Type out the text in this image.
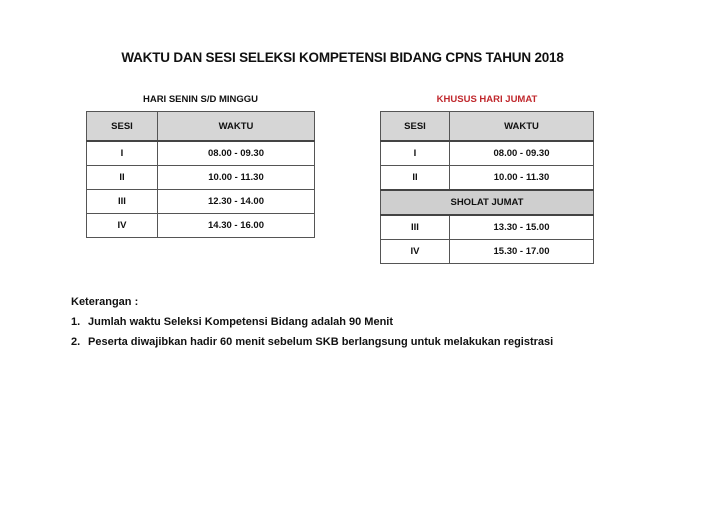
WAKTU DAN SESI SELEKSI KOMPETENSI BIDANG CPNS TAHUN 2018
HARI SENIN S/D MINGGU
SESI	WAKTU
I	08.00 - 09.30
II	10.00 - 11.30
III	12.30 - 14.00
IV	14.30 - 16.00
KHUSUS HARI JUMAT
SESI	WAKTU
I	08.00 - 09.30
II	10.00 - 11.30
SHOLAT JUMAT	
III	13.30 - 15.00
IV	15.30 - 17.00
Keterangan :
1. Jumlah waktu Seleksi Kompetensi Bidang adalah 90 Menit
2. Peserta diwajibkan hadir 60 menit sebelum SKB berlangsung untuk melakukan registrasi
